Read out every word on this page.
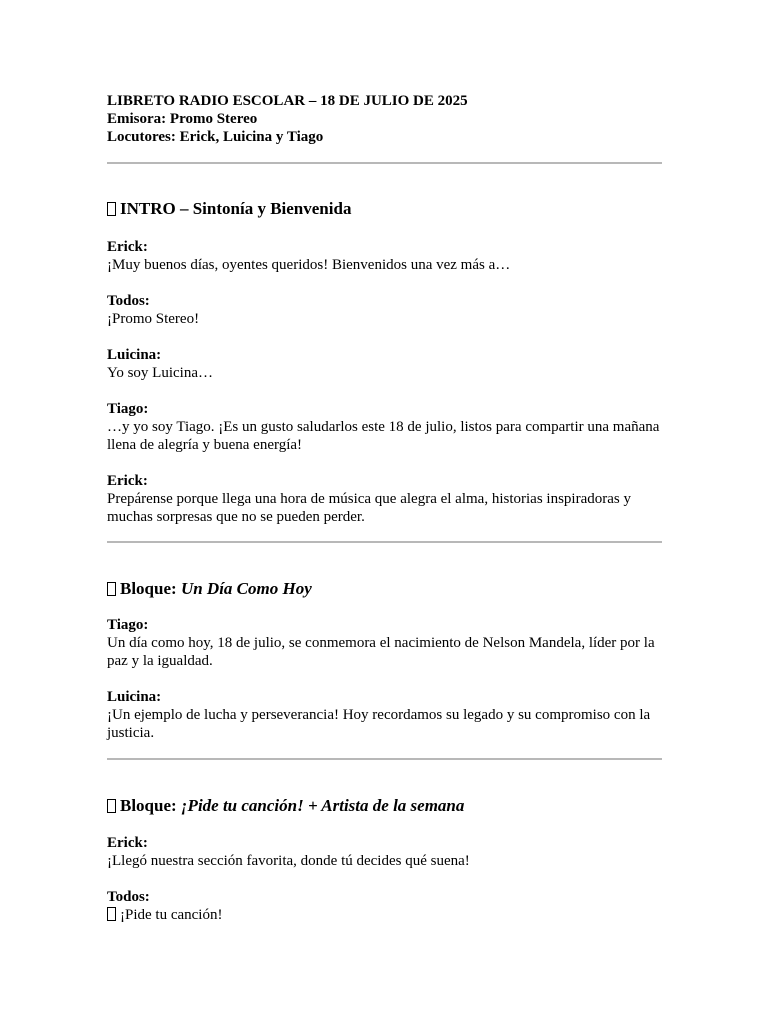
LIBRETO RADIO ESCOLAR – 18 DE JULIO DE 2025
Emisora: Promo Stereo
Locutores: Erick, Luicina y Tiago
INTRO – Sintonía y Bienvenida
Erick:
¡Muy buenos días, oyentes queridos! Bienvenidos una vez más a…
Todos:
¡Promo Stereo!
Luicina:
Yo soy Luicina…
Tiago:
…y yo soy Tiago. ¡Es un gusto saludarlos este 18 de julio, listos para compartir una mañana llena de alegría y buena energía!
Erick:
Prepárense porque llega una hora de música que alegra el alma, historias inspiradoras y muchas sorpresas que no se pueden perder.
Bloque: Un Día Como Hoy
Tiago:
Un día como hoy, 18 de julio, se conmemora el nacimiento de Nelson Mandela, líder por la paz y la igualdad.
Luicina:
¡Un ejemplo de lucha y perseverancia! Hoy recordamos su legado y su compromiso con la justicia.
Bloque: ¡Pide tu canción! + Artista de la semana
Erick:
¡Llegó nuestra sección favorita, donde tú decides qué suena!
Todos:
¡Pide tu canción!
